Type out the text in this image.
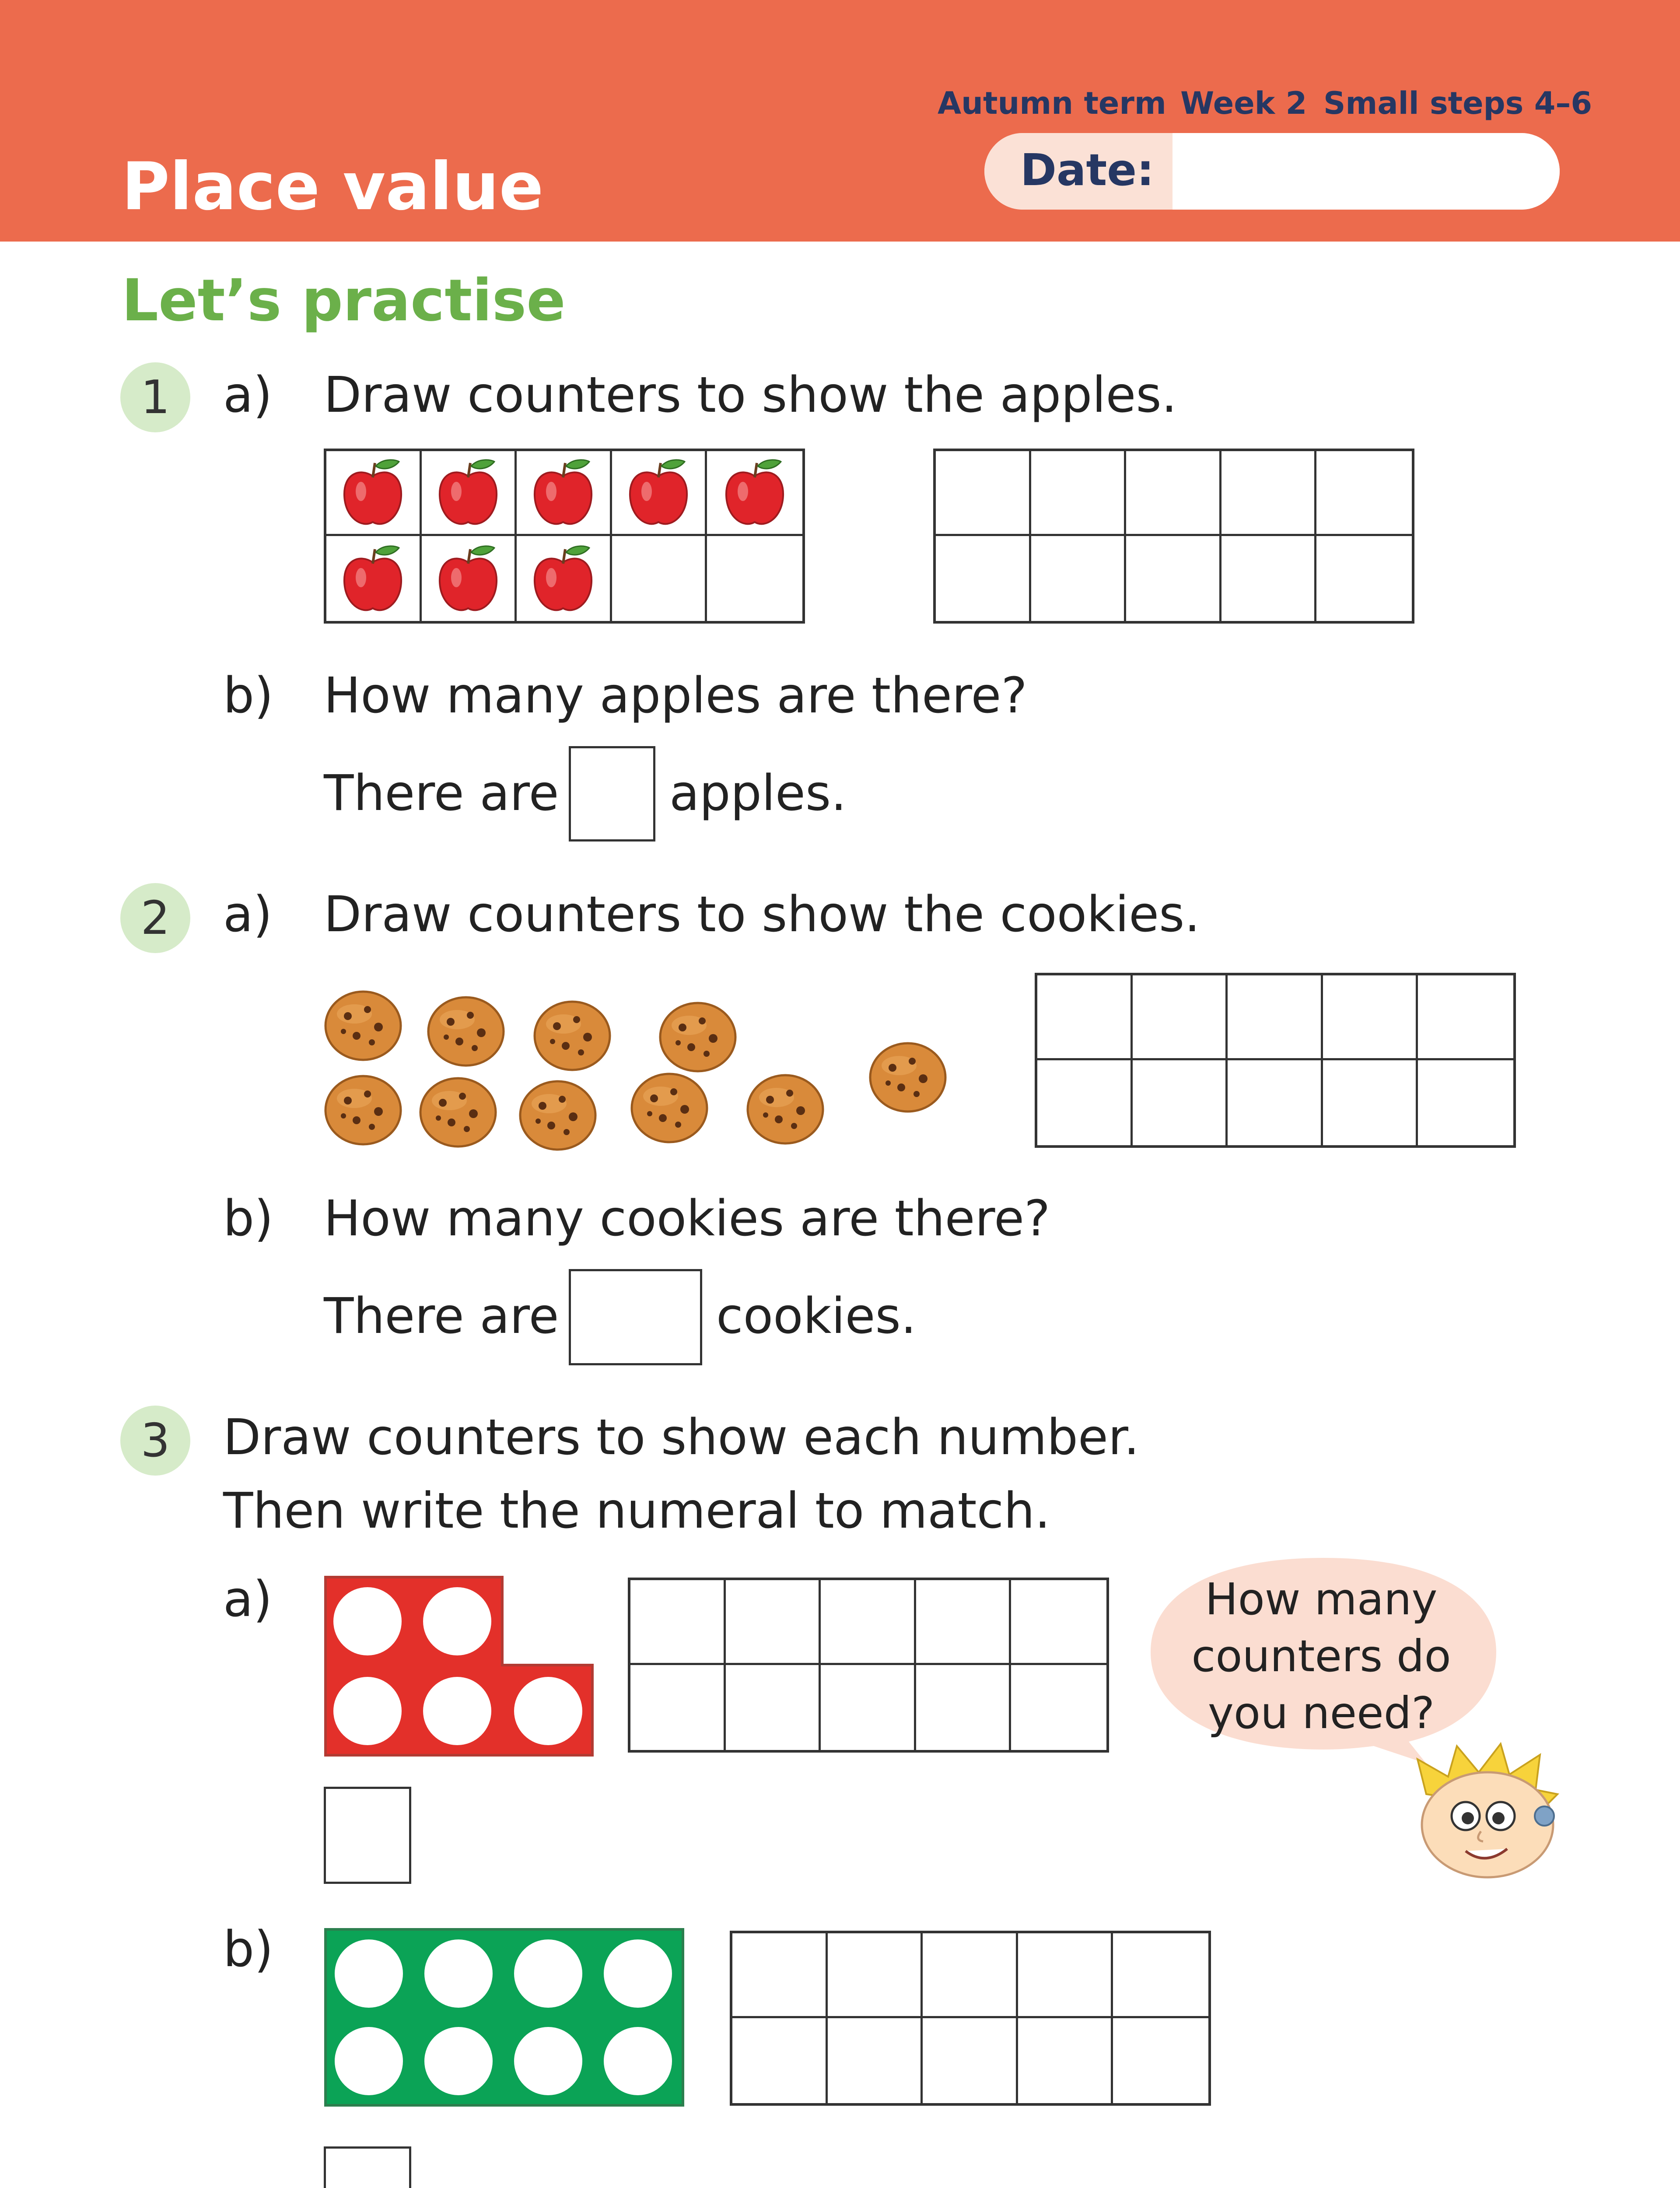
Autumn term Week 2 Small steps 4–6
Place value	Date:
Let’s practise
1	a) Draw counters to show the apples.
b) How many apples are there?
There are apples.
2	a) Draw counters to show the cookies.
b) How many cookies are there?
There are	cookies.
3	Draw counters to show each number.
Then write the numeral to match.
a)	How many
counters do
you need?
b)
